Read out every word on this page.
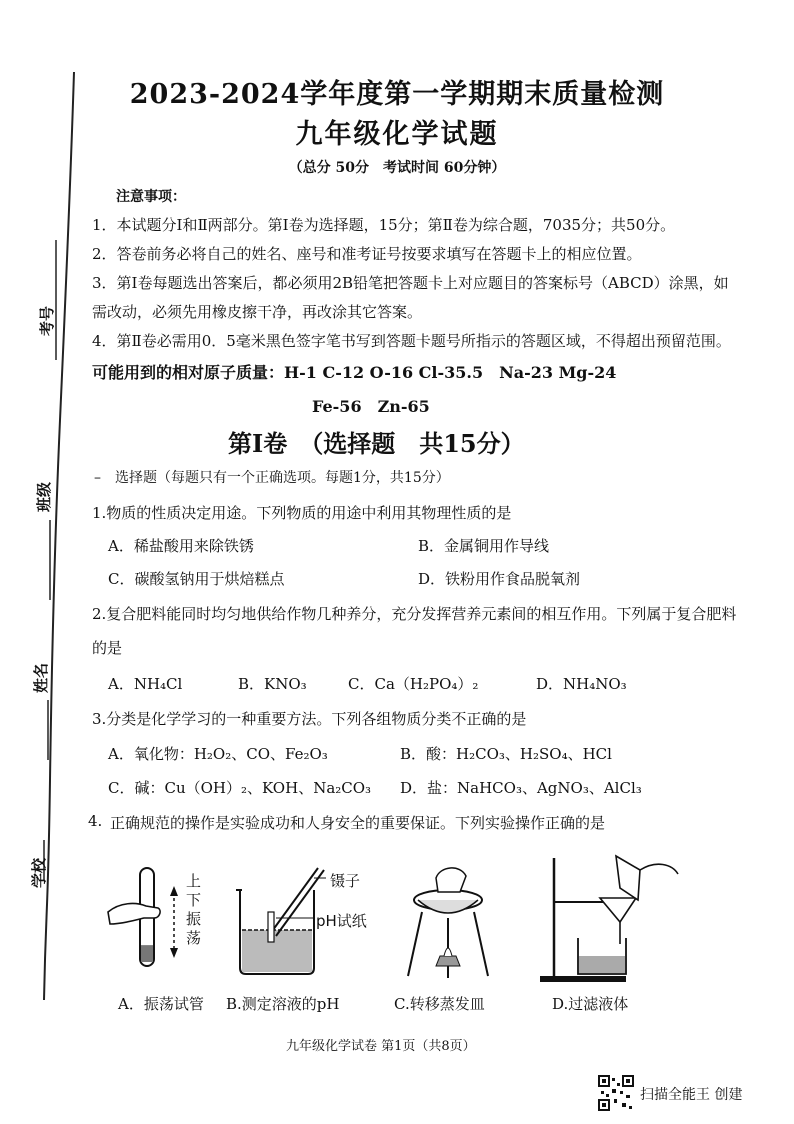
考号
班级
姓名
学校
2023-2024学年度第一学期期末质量检测
九年级化学试题
（总分 50分　考试时间 60分钟）
注意事项：
1．本试题分Ⅰ和Ⅱ两部分。第Ⅰ卷为选择题，15分；第Ⅱ卷为综合题，7035分；共50分。
2．答卷前务必将自己的姓名、座号和准考证号按要求填写在答题卡上的相应位置。
3．第Ⅰ卷每题选出答案后，都必须用2B铅笔把答题卡上对应题目的答案标号（ABCD）涂黑，如
需改动，必须先用橡皮擦干净，再改涂其它答案。
4．第Ⅱ卷必需用0．5毫米黑色签字笔书写到答题卡题号所指示的答题区域，不得超出预留范围。
可能用到的相对原子质量：H-1 C-12 O-16 Cl-35.5　Na-23 Mg-24
Fe-56　Zn-65
第Ⅰ卷　（选择题　共15分）
–　选择题（每题只有一个正确选项。每题1分，共15分）
1.物质的性质决定用途。下列物质的用途中利用其物理性质的是
A．稀盐酸用来除铁锈	B．金属铜用作导线
C．碳酸氢钠用于烘焙糕点	D．铁粉用作食品脱氧剂
2.复合肥料能同时均匀地供给作物几种养分，充分发挥营养元素间的相互作用。下列属于复合肥料
的是
A．NH₄Cl	B．KNO₃	C．Ca（H₂PO₄）₂	D．NH₄NO₃
3.分类是化学学习的一种重要方法。下列各组物质分类不正确的是
A．氧化物：H₂O₂、CO、Fe₂O₃	B．酸：H₂CO₃、H₂SO₄、HCl
C．碱：Cu（OH）₂、KOH、Na₂CO₃ D．盐：NaHCO₃、AgNO₃、AlCl₃
4. 正确规范的操作是实验成功和人身安全的重要保证。下列实验操作正确的是
上
下
振
荡
镊子
pH试纸
A．振荡试管 B.测定溶液的pH	C.转移蒸发皿	D.过滤液体
九年级化学试卷 第1页（共8页）
扫描全能王 创建
